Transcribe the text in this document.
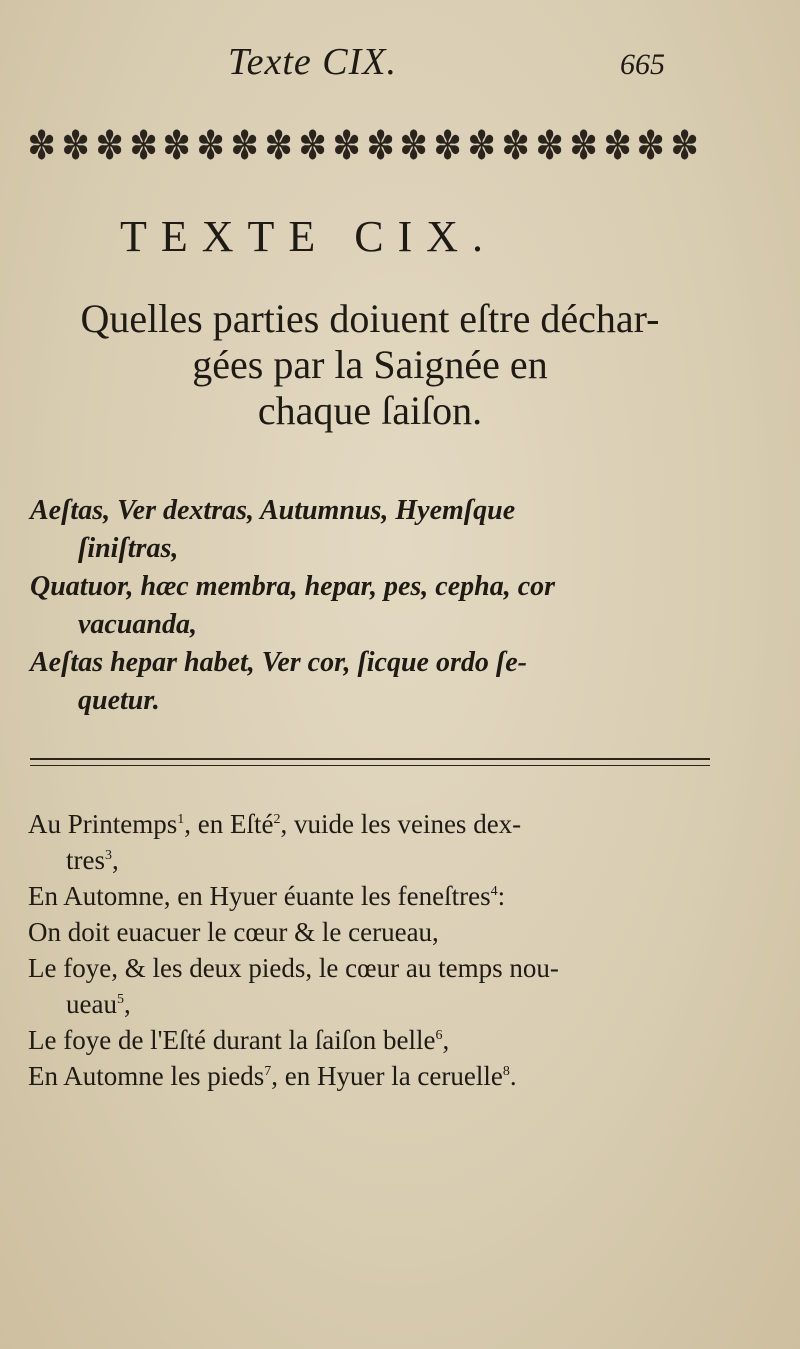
Texte CIX.	665
✽ ✽ ✽ ✽ ✽ ✽ ✽ ✽ ✽ ✽ ✽ ✽ ✽ ✽ ✽ ✽ ✽ ✽ ✽ ✽
TEXTE CIX.
Quelles parties doiuent eſtre déchar-
gées par la Saignée en
chaque ſaiſon.

Aeſtas, Ver dextras, Autumnus, Hyemſque

ſiniſtras,

Quatuor, hæc membra, hepar, pes, cepha, cor

vacuanda,

Aeſtas hepar habet, Ver cor, ſicque ordo ſe-

quetur.

Au Printemps$^1$, en Eſté$^2$, vuide les veines dex-

tres$^3$,

En Automne, en Hyuer éuante les feneſtres$^4$:

On doit euacuer le cœur & le cerueau,

Le foye, & les deux pieds, le cœur au temps nou-

ueau$^5$,

Le foye de l'Eſté durant la ſaiſon belle$^6$,

En Automne les pieds$^7$, en Hyuer la ceruelle$^8$.
